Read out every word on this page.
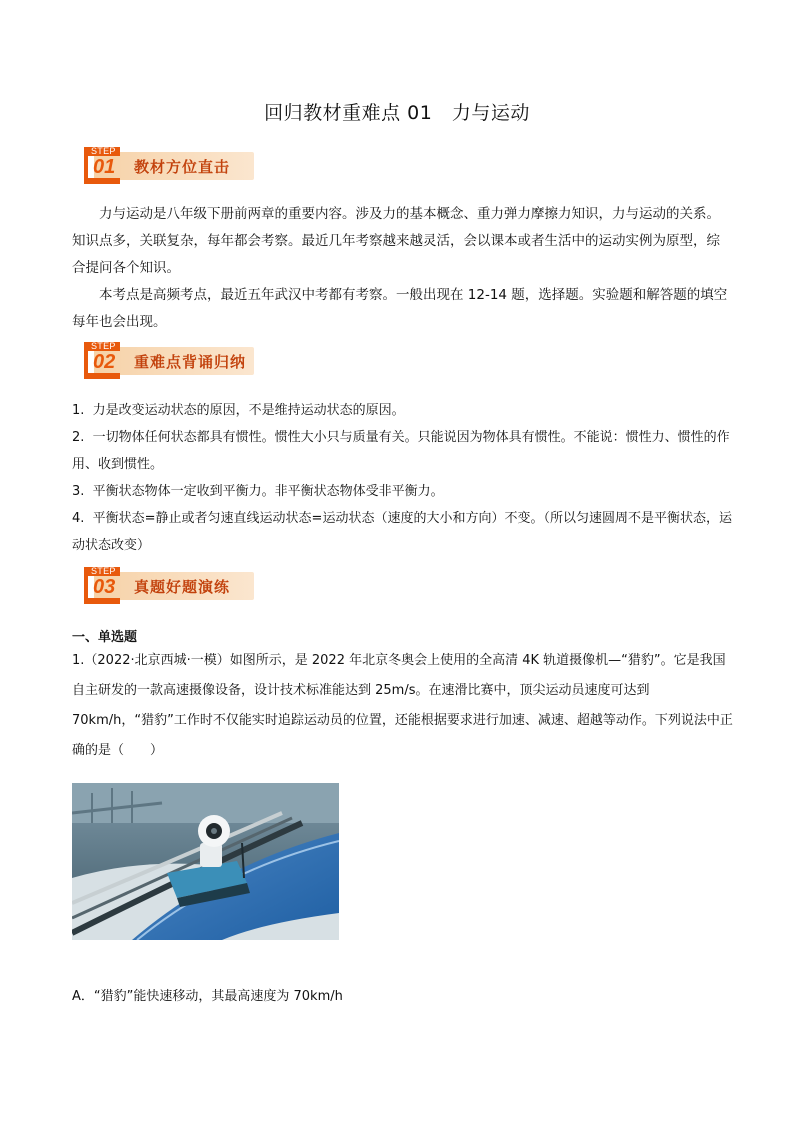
回归教材重难点 01　力与运动
STEP
01 教材方位直击
力与运动是八年级下册前两章的重要内容。涉及力的基本概念、重力弹力摩擦力知识，力与运动的关系。知识点多，关联复杂，每年都会考察。最近几年考察越来越灵活，会以课本或者生活中的运动实例为原型，综合提问各个知识。
本考点是高频考点，最近五年武汉中考都有考察。一般出现在 12-14 题，选择题。实验题和解答题的填空每年也会出现。
STEP
02 重难点背诵归纳
1.  力是改变运动状态的原因，不是维持运动状态的原因。
2.  一切物体任何状态都具有惯性。惯性大小只与质量有关。只能说因为物体具有惯性。不能说：惯性力、惯性的作用、收到惯性。
3.  平衡状态物体一定收到平衡力。非平衡状态物体受非平衡力。
4.  平衡状态=静止或者匀速直线运动状态=运动状态（速度的大小和方向）不变。（所以匀速圆周不是平衡状态，运动状态改变）
STEP
03 真题好题演练
一、单选题
1.（2022·北京西城·一模）如图所示，是 2022 年北京冬奥会上使用的全高清 4K 轨道摄像机—“猎豹”。它是我国自主研发的一款高速摄像设备，设计技术标准能达到 25m/s。在速滑比赛中，顶尖运动员速度可达到 70km/h，“猎豹”工作时不仅能实时追踪运动员的位置，还能根据要求进行加速、减速、超越等动作。下列说法中正确的是（　　）
A．“猎豹”能快速移动，其最高速度为 70km/h
